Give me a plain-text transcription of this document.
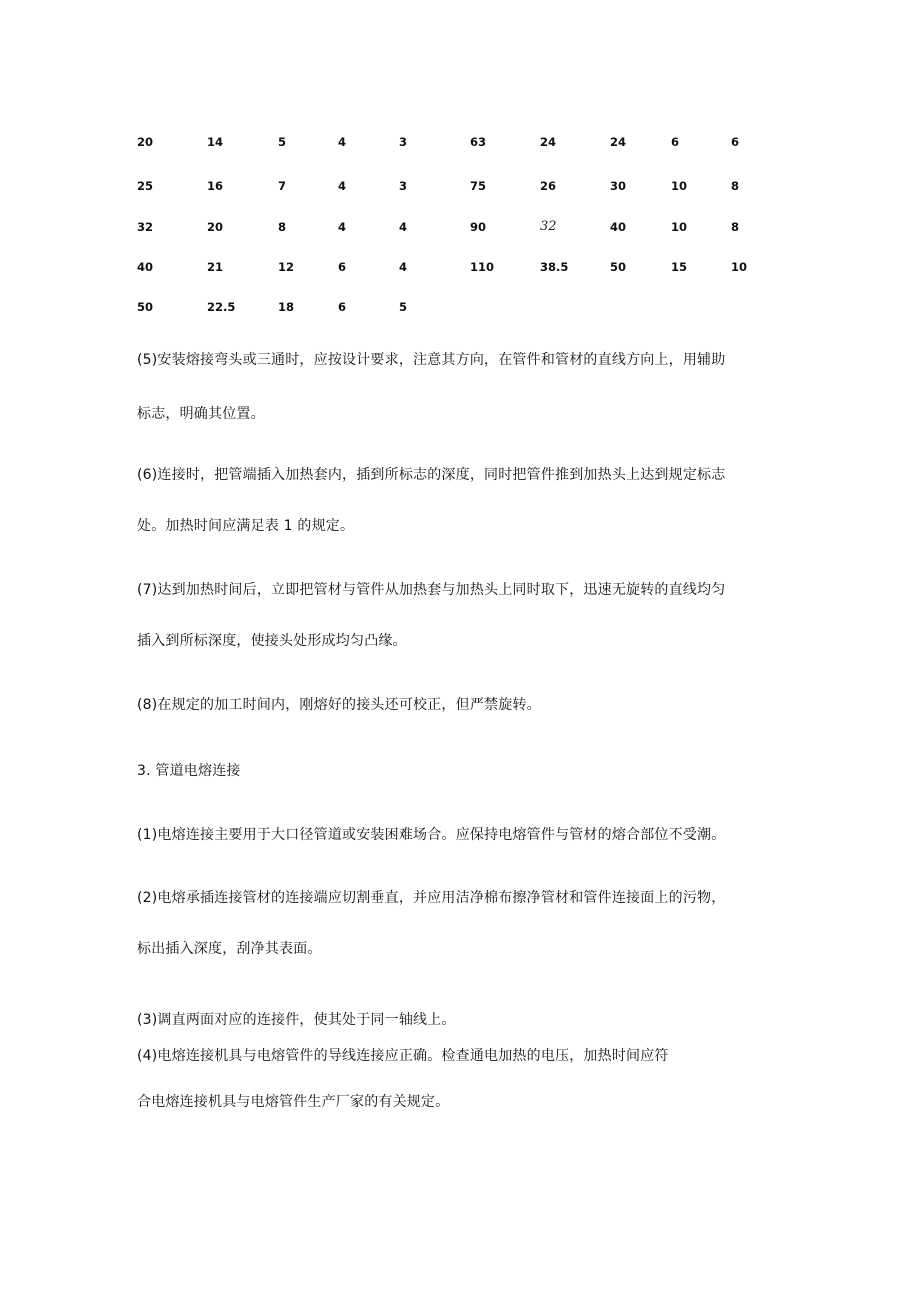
20	14	5	4	3	63	24	24	6	6
25	16	7	4	3	75	26	30	10	8
32	20	8	4	4	90	32	40	10	8
40	21	12	6	4	110	38.5	50	15	10
50	22.5	18	6	5
(5)安装熔接弯头或三通时，应按设计要求，注意其方向，在管件和管材的直线方向上，用辅助
标志，明确其位置。
(6)连接时，把管端插入加热套内，插到所标志的深度，同时把管件推到加热头上达到规定标志
处。加热时间应满足表 1 的规定。
(7)达到加热时间后，立即把管材与管件从加热套与加热头上同时取下，迅速无旋转的直线均匀
插入到所标深度，使接头处形成均匀凸缘。
(8)在规定的加工时间内，刚熔好的接头还可校正，但严禁旋转。
3. 管道电熔连接
(1)电熔连接主要用于大口径管道或安装困难场合。应保持电熔管件与管材的熔合部位不受潮。
(2)电熔承插连接管材的连接端应切割垂直，并应用洁净棉布擦净管材和管件连接面上的污物，
标出插入深度，刮净其表面。
(3)调直两面对应的连接件，使其处于同一轴线上。
(4)电熔连接机具与电熔管件的导线连接应正确。检查通电加热的电压，加热时间应符
合电熔连接机具与电熔管件生产厂家的有关规定。
